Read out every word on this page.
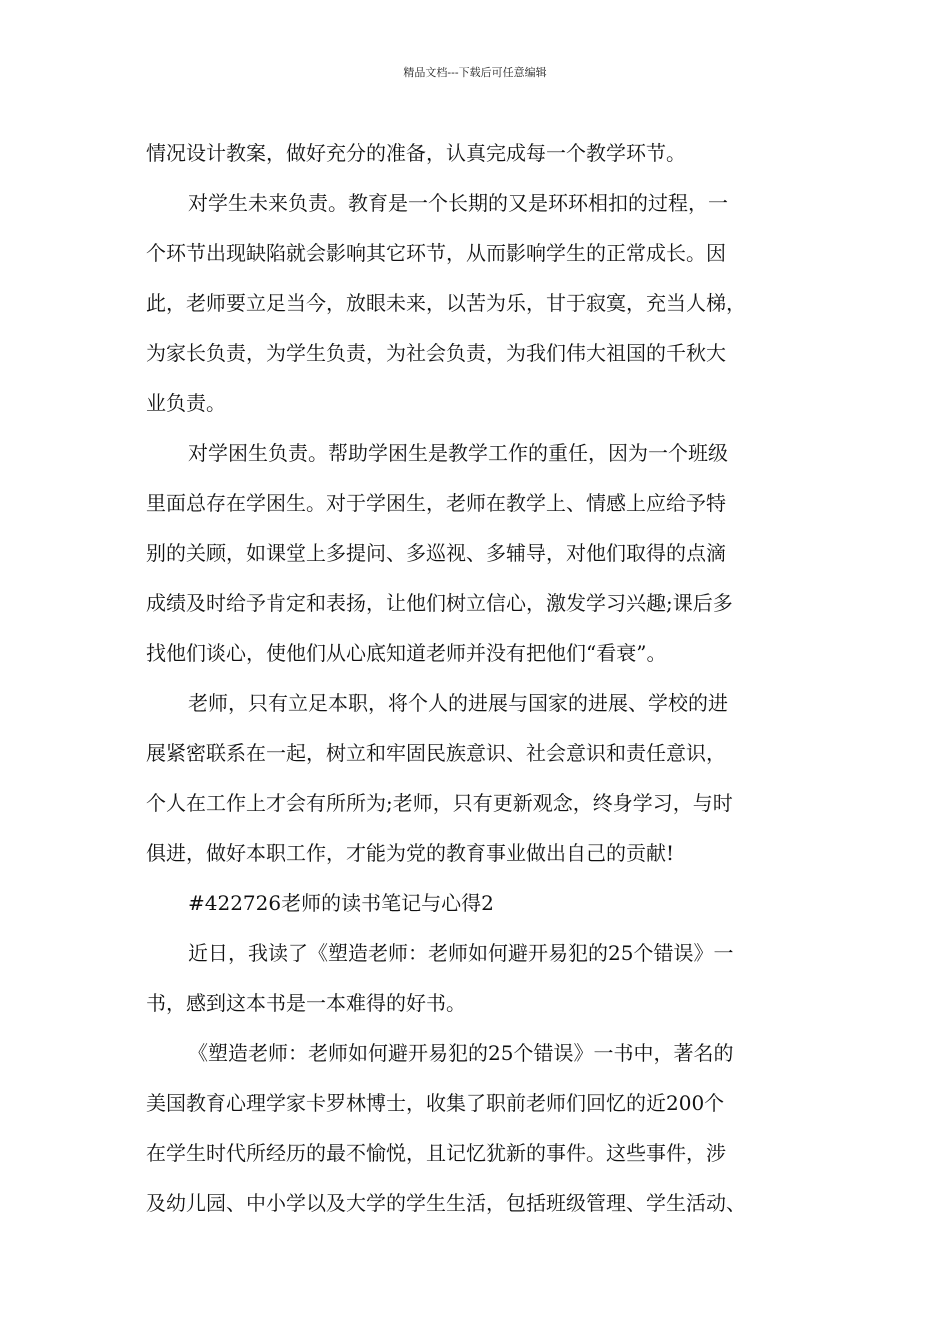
精品文档---下载后可任意编辑
情况设计教案，做好充分的准备，认真完成每一个教学环节。
对学生未来负责。教育是一个长期的又是环环相扣的过程，一
个环节出现缺陷就会影响其它环节，从而影响学生的正常成长。因
此，老师要立足当今，放眼未来，以苦为乐，甘于寂寞，充当人梯，
为家长负责，为学生负责，为社会负责，为我们伟大祖国的千秋大
业负责。
对学困生负责。帮助学困生是教学工作的重任，因为一个班级
里面总存在学困生。对于学困生，老师在教学上、情感上应给予特
别的关顾，如课堂上多提问、多巡视、多辅导，对他们取得的点滴
成绩及时给予肯定和表扬，让他们树立信心，激发学习兴趣;课后多
找他们谈心，使他们从心底知道老师并没有把他们“看衰”。
老师，只有立足本职，将个人的进展与国家的进展、学校的进
展紧密联系在一起，树立和牢固民族意识、社会意识和责任意识，
个人在工作上才会有所所为;老师，只有更新观念，终身学习，与时
俱进，做好本职工作，才能为党的教育事业做出自己的贡献!
#422726老师的读书笔记与心得2
近日，我读了《塑造老师：老师如何避开易犯的25个错误》一
书，感到这本书是一本难得的好书。
《塑造老师：老师如何避开易犯的25个错误》一书中，著名的
美国教育心理学家卡罗林博士，收集了职前老师们回忆的近200个
在学生时代所经历的最不愉悦，且记忆犹新的事件。这些事件，涉
及幼儿园、中小学以及大学的学生生活，包括班级管理、学生活动、
